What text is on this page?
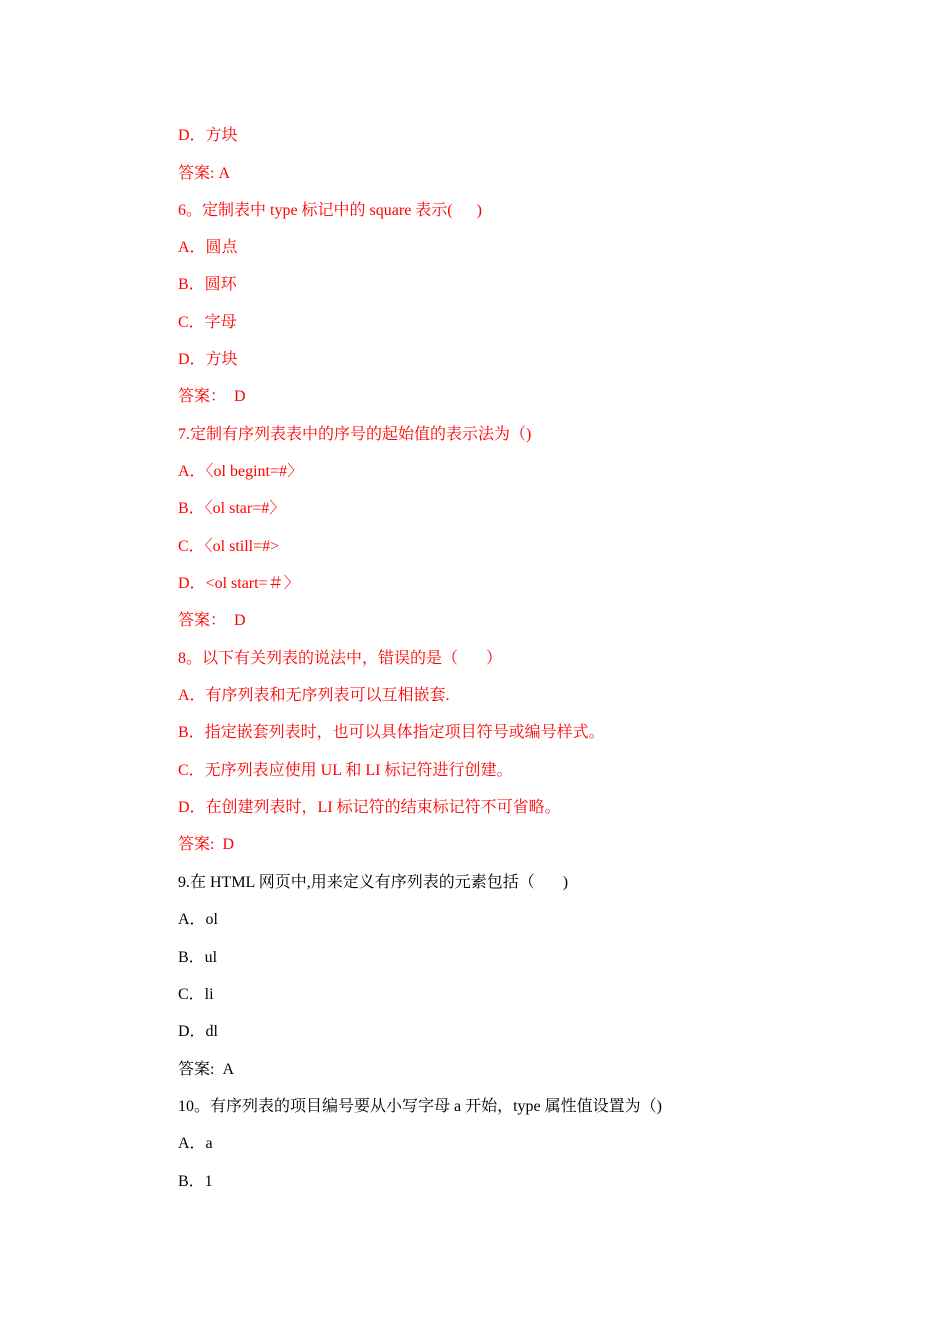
D．方块
答案: A
6。定制表中 type 标记中的 square 表示(      )
A．圆点
B．圆环
C．字母
D．方块
答案：  D
7.定制有序列表表中的序号的起始值的表示法为（)
A．〈ol begint=#〉
B．〈ol star=#〉
C．〈ol still=#>
D．<ol start=＃〉
答案：  D
8。以下有关列表的说法中，错误的是（       ）
A．有序列表和无序列表可以互相嵌套.
B．指定嵌套列表时，也可以具体指定项目符号或编号样式。
C．无序列表应使用 UL 和 LI 标记符进行创建。
D．在创建列表时，LI 标记符的结束标记符不可省略。
答案:  D
9.在 HTML 网页中,用来定义有序列表的元素包括（       )
A．ol
B．ul
C．li
D．dl
答案:  A
10。有序列表的项目编号要从小写字母 a 开始，type 属性值设置为（)
A．a
B．1
